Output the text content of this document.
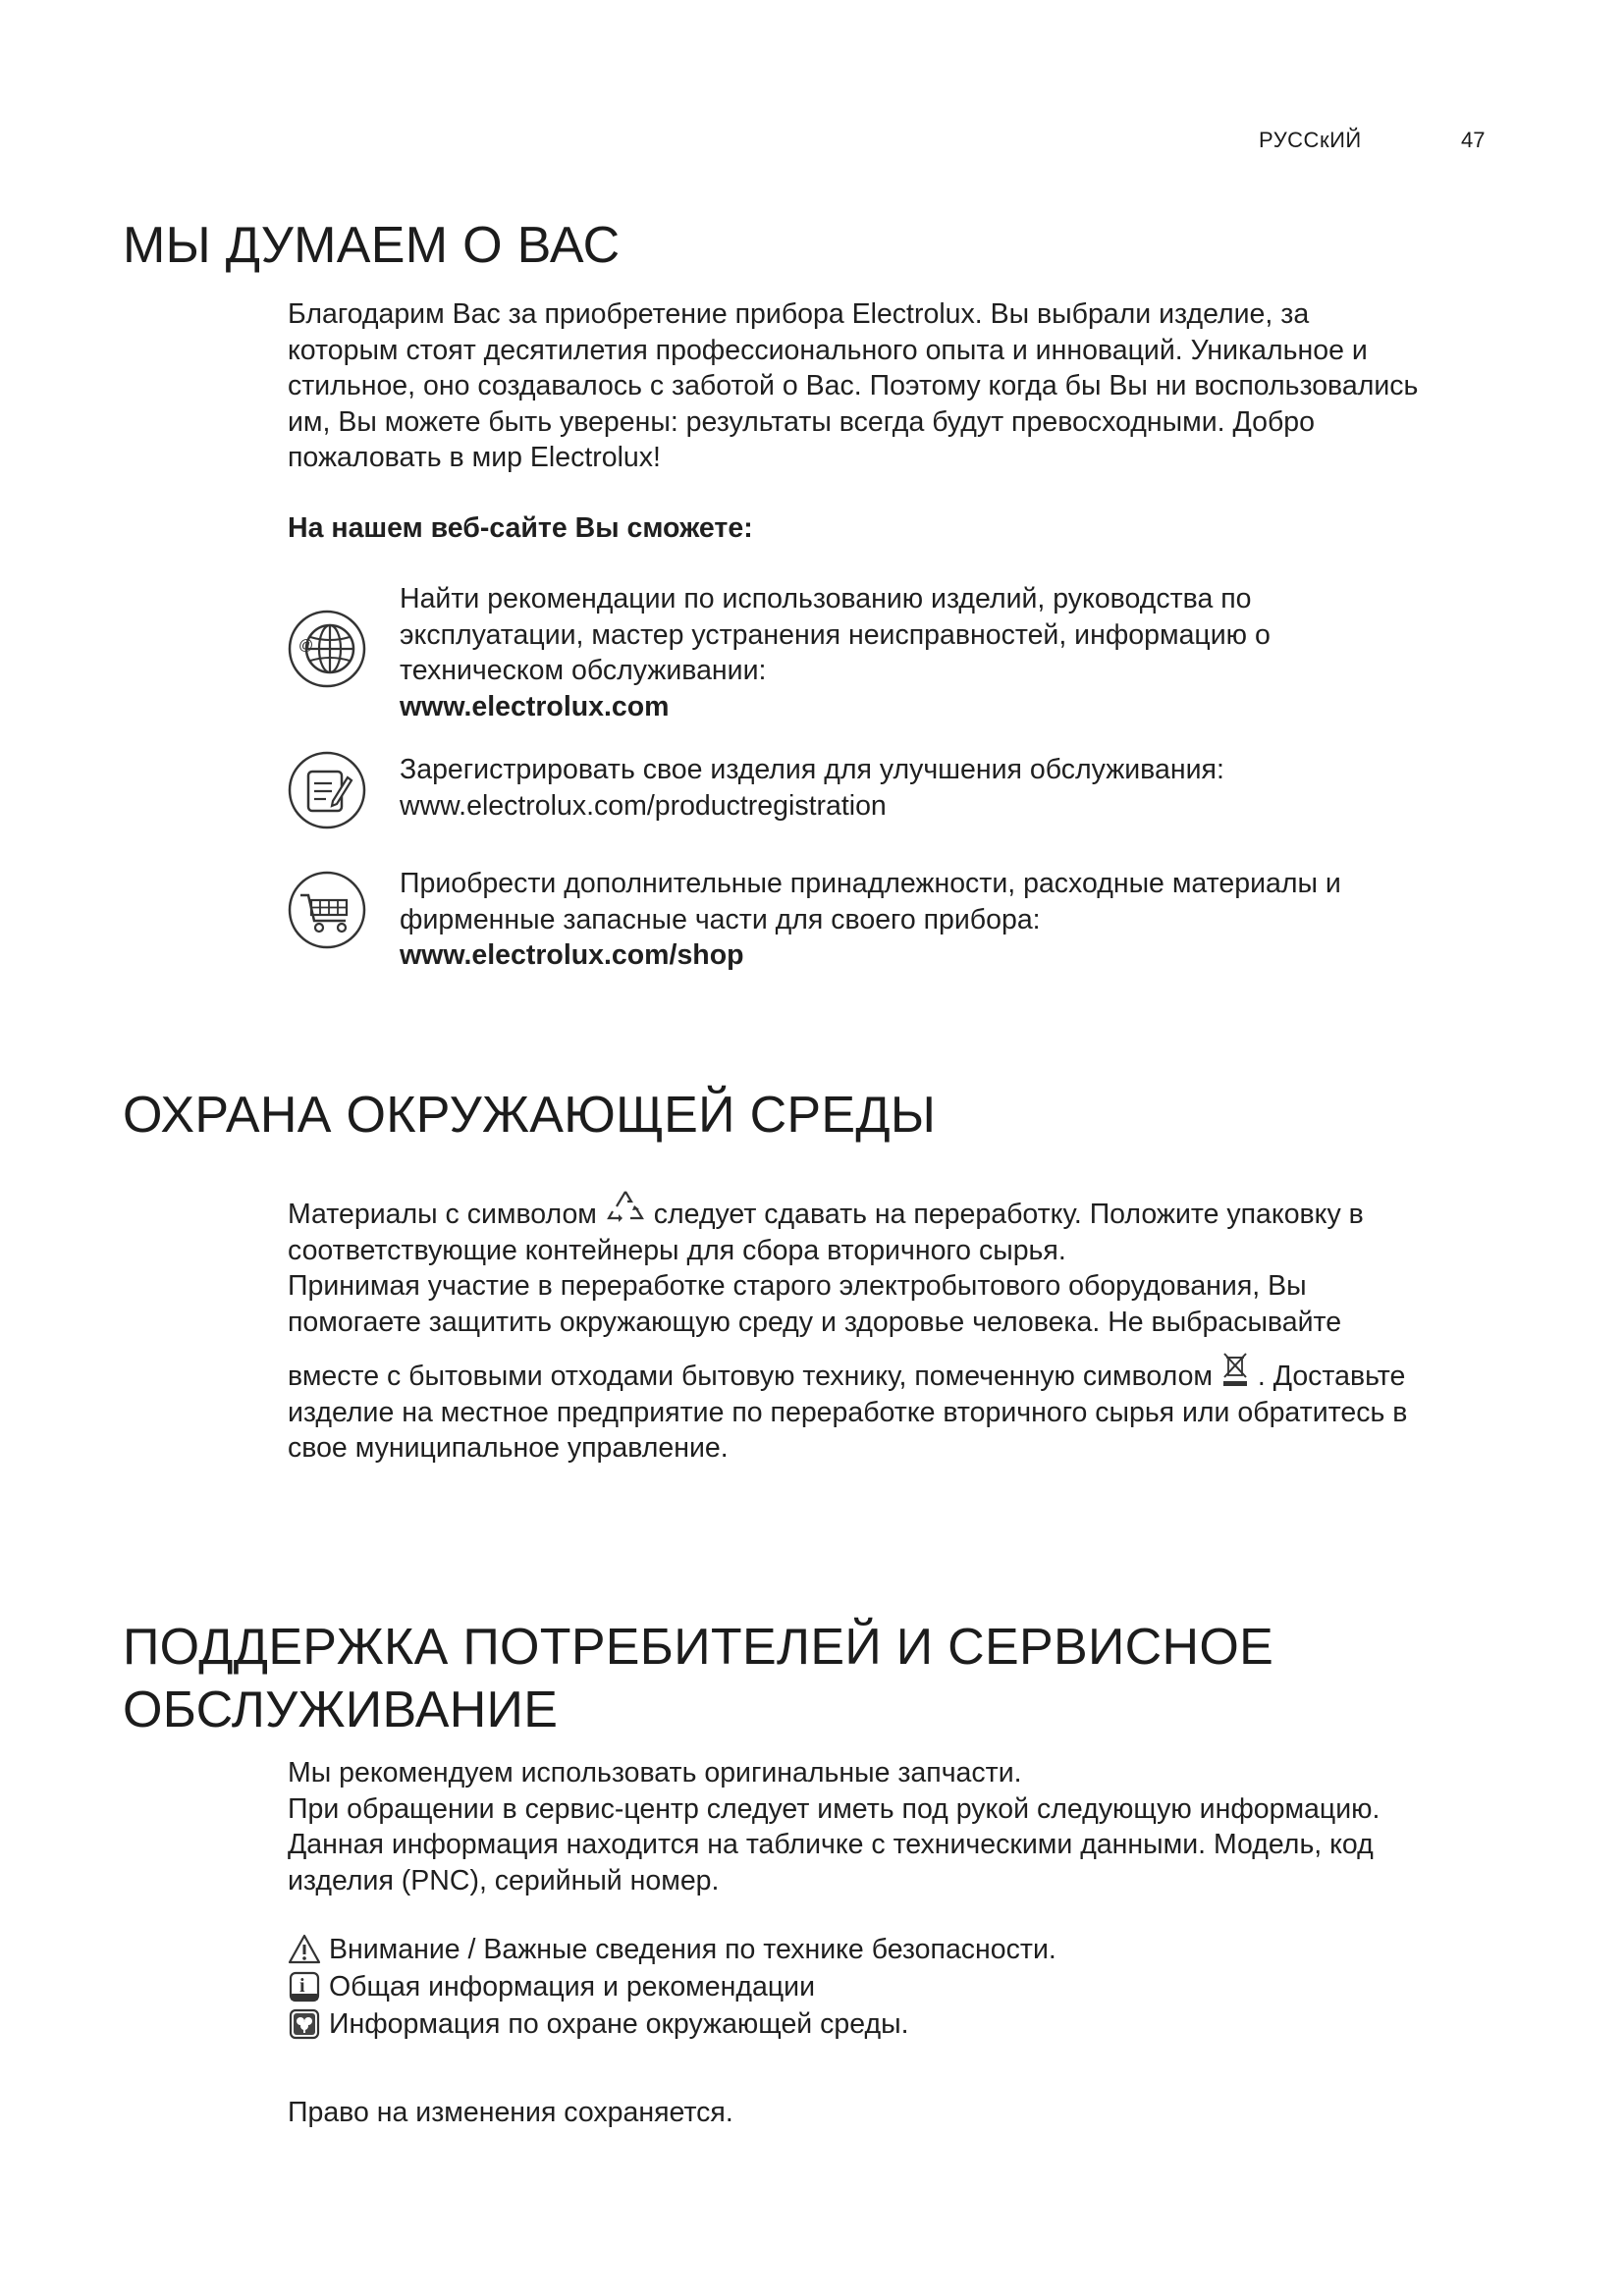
РУССкИЙ	47
МЫ ДУМАЕМ О ВАС
Благодарим Вас за приобретение прибора Electrolux. Вы выбрали изделие, за
которым стоят десятилетия профессионального опыта и инноваций. Уникальное и
стильное, оно создавалось с заботой о Вас. Поэтому когда бы Вы ни воспользовались
им, Вы можете быть уверены: результаты всегда будут превосходными. Добро
пожаловать в мир Electrolux!
На нашем веб-сайте Вы сможете:
@
Найти рекомендации по использованию изделий, руководства по
эксплуатации, мастер устранения неисправностей, информацию о
техническом обслуживании:
www.electrolux.com
Зарегистрировать свое изделия для улучшения обслуживания:
www.electrolux.com/productregistration
Приобрести дополнительные принадлежности, расходные материалы и
фирменные запасные части для своего прибора:
www.electrolux.com/shop
ОХРАНА ОКРУЖАЮЩЕЙ СРЕДЫ
Материалы с символом следует сдавать на переработку. Положите упаковку в
соответствующие контейнеры для сбора вторичного сырья.
Принимая участие в переработке старого электробытового оборудования, Вы
помогаете защитить окружающую среду и здоровье человека. Не выбрасывайте
вместе с бытовыми отходами бытовую технику, помеченную символом . Доставьте
изделие на местное предприятие по переработке вторичного сырья или обратитесь в
свое муниципальное управление.
ПОДДЕРЖКА ПОТРЕБИТЕЛЕЙ И СЕРВИСНОЕ
ОБСЛУЖИВАНИЕ
Мы рекомендуем использовать оригинальные запчасти.
При обращении в сервис-центр следует иметь под рукой следующую информацию.
Данная информация находится на табличке с техническими данными. Модель, код
изделия (PNC), серийный номер.
Внимание / Важные сведения по технике безопасности.
i Общая информация и рекомендации
Информация по охране окружающей среды.
Право на изменения сохраняется.
